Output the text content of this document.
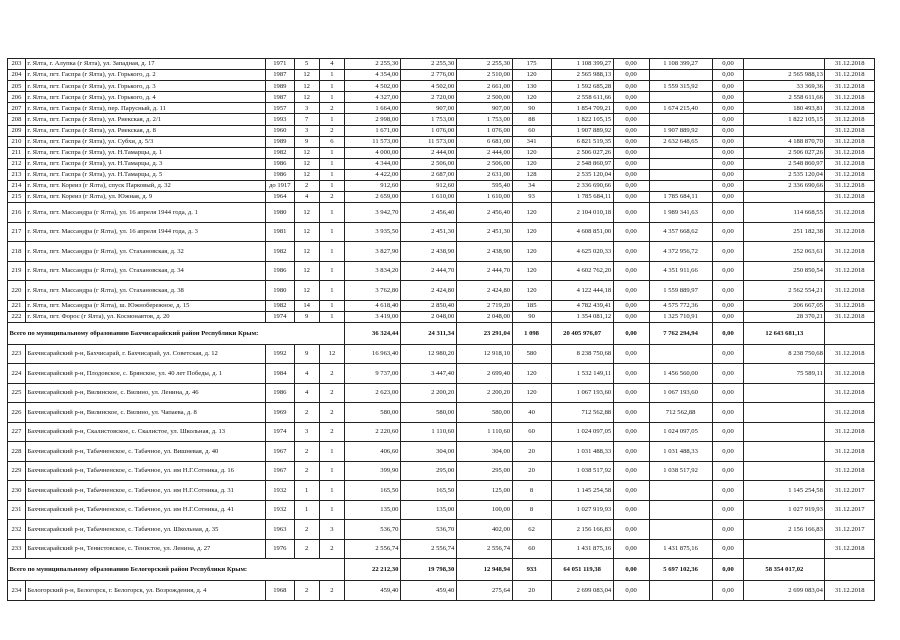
203	г. Ялта, г. Алупка (г Ялта), ул. Западная, д. 17	1971	5	4	2 255,30	2 255,30	2 255,30	175	1 108 399,27	0,00	1 108 399,27	0,00		31.12.2018
204	г. Ялта, пгт. Гаспра (г Ялта), ул. Горького, д. 2	1987	12	1	4 354,00	2 776,00	2 510,00	120	2 565 988,13	0,00		0,00	2 565 988,13	31.12.2018
205	г. Ялта, пгт. Гаспра (г Ялта), ул. Горького, д. 3	1989	12	1	4 502,00	4 502,00	2 661,00	130	1 592 685,28	0,00	1 559 315,92	0,00	33 369,36	31.12.2018
206	г. Ялта, пгт. Гаспра (г Ялта), ул. Горького, д. 4	1987	12	1	4 327,00	2 720,00	2 500,00	120	2 558 611,66	0,00		0,00	2 558 611,66	31.12.2018
207	г. Ялта, пгт. Гаспра (г Ялта), пер. Парусный, д. 11	1957	3	2	1 664,00	907,00	907,00	90	1 854 709,21	0,00	1 674 215,40	0,00	180 493,81	31.12.2018
208	г. Ялта, пгт. Гаспра (г Ялта), ул. Риекская, д. 2/1	1993	7	1	2 998,00	1 753,00	1 753,00	88	1 822 105,15	0,00		0,00	1 822 105,15	31.12.2018
209	г. Ялта, пгт. Гаспра (г Ялта), ул. Риекская, д. 8	1960	3	2	1 671,00	1 076,00	1 076,00	60	1 907 889,92	0,00	1 907 889,92	0,00		31.12.2018
210	г. Ялта, пгт. Гаспра (г Ялта), ул. Субхи, д. 5/3	1989	9	6	11 573,00	11 573,00	6 681,00	341	6 821 519,35	0,00	2 632 648,65	0,00	4 188 870,70	31.12.2018
211	г. Ялта, пгт. Гаспра (г Ялта), ул. Н.Тамарцы, д. 1	1982	12	1	4 000,00	2 444,00	2 444,00	120	2 506 027,26	0,00		0,00	2 506 027,26	31.12.2018
212	г. Ялта, пгт. Гаспра (г Ялта), ул. Н.Тамарцы, д. 3	1986	12	1	4 344,00	2 506,00	2 506,00	120	2 548 860,97	0,00		0,00	2 548 860,97	31.12.2018
213	г. Ялта, пгт. Гаспра (г Ялта), ул. Н.Тамарцы, д. 5	1986	12	1	4 422,00	2 687,00	2 631,00	128	2 535 120,04	0,00		0,00	2 535 120,04	31.12.2018
214	г. Ялта, пгт. Кореиз (г Ялта), спуск Парковый, д. 32	до 1917	2	1	912,60	912,60	595,40	34	2 336 690,66	0,00		0,00	2 336 690,66	31.12.2018
215	г. Ялта, пгт. Кореиз (г Ялта), ул. Южная, д. 9	1964	4	2	2 659,00	1 610,00	1 610,00	93	1 785 684,11	0,00	1 785 684,11	0,00		31.12.2018
216	г. Ялта, пгт. Массандра (г Ялта), ул. 16 апреля 1944 года, д. 1	1980	12	1	3 942,70	2 456,40	2 456,40	120	2 104 010,18	0,00	1 989 341,63	0,00	114 668,55	31.12.2018
217	г. Ялта, пгт. Массандра (г Ялта), ул. 16 апреля 1944 года, д. 3	1981	12	1	3 935,50	2 451,30	2 451,30	120	4 608 851,00	0,00	4 357 668,62	0,00	251 182,38	31.12.2018
218	г. Ялта, пгт. Массандра (г Ялта), ул. Стахановская, д. 32	1982	12	1	3 827,90	2 438,90	2 438,90	120	4 625 020,33	0,00	4 372 956,72	0,00	252 063,61	31.12.2018
219	г. Ялта, пгт. Массандра (г Ялта), ул. Стахановская, д. 34	1986	12	1	3 834,20	2 444,70	2 444,70	120	4 602 762,20	0,00	4 351 911,66	0,00	250 850,54	31.12.2018
220	г. Ялта, пгт. Массандра (г Ялта), ул. Стахановская, д. 38	1980	12	1	3 762,80	2 424,80	2 424,80	120	4 122 444,18	0,00	1 559 889,97	0,00	2 562 554,21	31.12.2018
221	г. Ялта, пгт. Массандра (г Ялта), ш. Южнобережное, д. 15	1982	14	1	4 618,40	2 850,40	2 719,20	185	4 782 439,41	0,00	4 575 772,36	0,00	206 667,05	31.12.2018
222	г. Ялта, пгт. Форос (г Ялта), ул. Космонавтов, д. 20	1974	9	1	3 419,00	2 048,00	2 048,00	90	1 354 081,12	0,00	1 325 710,91	0,00	28 370,21	31.12.2018
Всего по муниципальному образованию Бахчисарайский район Республики Крым:					36 324,44	24 311,34	23 291,04	1 098	20 405 976,07	0,00	7 762 294,94	0,00	12 643 681,13	
223	Бахчисарайский р-н, Бахчисарай, г. Бахчисарай, ул. Советская, д. 12	1992	9	12	16 963,40	12 980,20	12 918,10	580	8 238 750,68	0,00		0,00	8 238 750,68	31.12.2018
224	Бахчисарайский р-н, Плодовское, с. Брянское, ул. 40 лет Победы, д. 1	1984	4	2	9 737,00	3 447,40	2 699,40	120	1 532 149,11	0,00	1 456 560,00	0,00	75 589,11	31.12.2018
225	Бахчисарайский р-н, Вилинское, с. Вилино, ул. Ленина, д. 46	1986	4	2	2 623,00	2 200,20	2 200,20	120	1 067 193,60	0,00	1 067 193,60	0,00		31.12.2018
226	Бахчисарайский р-н, Вилинское, с. Вилино, ул. Чапаева, д. 8	1969	2	2	580,00	580,00	580,00	40	712 562,88	0,00	712 562,88	0,00		31.12.2018
227	Бахчисарайский р-н, Скалистовское, с. Скалистое, ул. Школьная, д. 13	1974	3	2	2 220,60	1 110,60	1 110,60	60	1 024 097,05	0,00	1 024 097,05	0,00		31.12.2018
228	Бахчисарайский р-н, Табачненское, с. Табачное, ул. Вишневая, д. 40	1967	2	1	406,60	304,00	304,00	20	1 031 488,33	0,00	1 031 488,33	0,00		31.12.2018
229	Бахчисарайский р-н, Табачненское, с. Табачное, ул. им Н.Г.Сотника, д. 16	1967	2	1	399,90	295,00	295,00	20	1 038 517,92	0,00	1 038 517,92	0,00		31.12.2018
230	Бахчисарайский р-н, Табачненское, с. Табачное, ул. им Н.Г.Сотника, д. 31	1932	1	1	165,50	165,50	125,00	8	1 145 254,58	0,00		0,00	1 145 254,58	31.12.2017
231	Бахчисарайский р-н, Табачненское, с. Табачное, ул. им Н.Г.Сотника, д. 41	1932	1	1	135,00	135,00	100,00	8	1 027 919,93	0,00		0,00	1 027 919,93	31.12.2017
232	Бахчисарайский р-н, Табачненское, с. Табачное, ул. Школьная, д. 35	1963	2	3	536,70	536,70	402,00	62	2 156 166,83	0,00		0,00	2 156 166,83	31.12.2017
233	Бахчисарайский р-н, Тенистовское, с. Тенистое, ул. Ленина, д. 27	1976	2	2	2 556,74	2 556,74	2 556,74	60	1 431 875,16	0,00	1 431 875,16	0,00		31.12.2018
Всего по муниципальному образованию Белогорский район Республики Крым:					22 212,30	19 798,30	12 948,94	933	64 051 119,38	0,00	5 697 102,36	0,00	58 354 017,02	
234	Белогорский р-н, Белогорск, г. Белогорск, ул. Возрождения, д. 4	1968	2	2	459,40	459,40	275,64	20	2 699 083,04	0,00		0,00	2 699 083,04	31.12.2018
